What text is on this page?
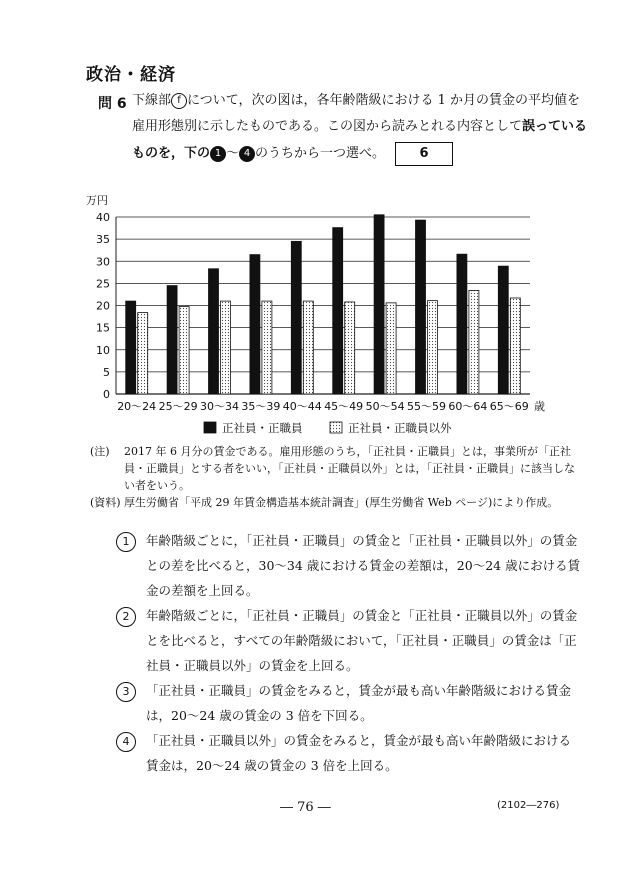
政治・経済
問 6 下線部 f について，次の図は，各年齢階級における 1 か月の賃金の平均値を
雇用形態別に示したものである。この図から読みとれる内容として誤っている
ものを，下の 1 ～ 4 のうちから一つ選べ。	6
万円
0
5
10
15
20
25
30
35
40
20～24 25～29 30～34 35～39 40～44 45～49 50～54 55～59 60～64 65～69 歳
正社員・正職員	正社員・正職員以外
(注) 2017 年 6 月分の賃金である。雇用形態のうち，「正社員・正職員」とは，事業所が「正社
員・正職員」とする者をいい，「正社員・正職員以外」とは，「正社員・正職員」に該当しな
い者をいう。
(資料) 厚生労働省「平成 29 年賃金構造基本統計調査」(厚生労働省 Web ページ)により作成。
1	年齢階級ごとに，「正社員・正職員」の賃金と「正社員・正職員以外」の賃金
との差を比べると，30～34 歳における賃金の差額は，20～24 歳における賃
金の差額を上回る。
2	年齢階級ごとに，「正社員・正職員」の賃金と「正社員・正職員以外」の賃金
とを比べると，すべての年齢階級において，「正社員・正職員」の賃金は「正
社員・正職員以外」の賃金を上回る。
3	「正社員・正職員」の賃金をみると，賃金が最も高い年齢階級における賃金
は，20～24 歳の賃金の 3 倍を下回る。
4	「正社員・正職員以外」の賃金をみると，賃金が最も高い年齢階級における
賃金は，20～24 歳の賃金の 3 倍を上回る。
― 76 ―	(2102―276)
